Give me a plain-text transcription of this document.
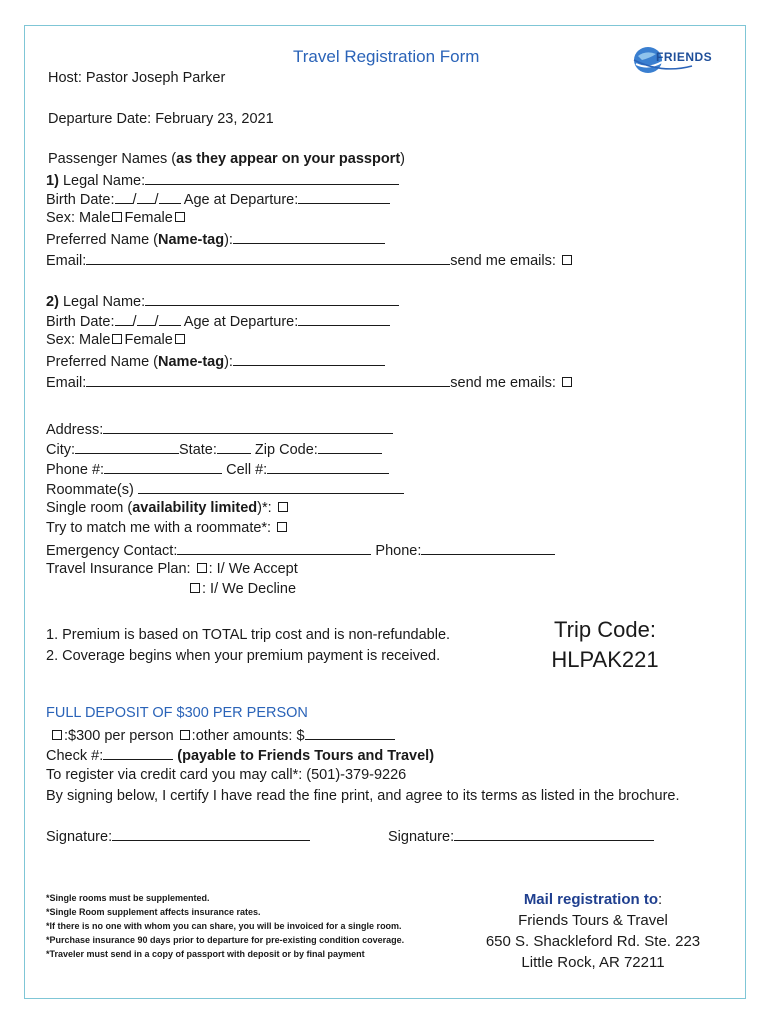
Travel Registration Form	FRIENDS
Host: Pastor Joseph Parker
Departure Date: February 23, 2021
Passenger Names (as they appear on your passport)
1) Legal Name:
Birth Date: / / Age at Departure:
Sex: Male Female
Preferred Name (Name-tag):
Email:	send me emails:
2) Legal Name:
Birth Date: / / Age at Departure:
Sex: Male Female
Preferred Name (Name-tag):
Email:	send me emails:
Address:
City:	State:	Zip Code:
Phone #:	Cell #:
Roommate(s)
Single room (availability limited)*:
Try to match me with a roommate*:
Emergency Contact:	Phone:
Travel Insurance Plan: : I/ We Accept
: I/ We Decline
1. Premium is based on TOTAL trip cost and is non-refundable.
2. Coverage begins when your premium payment is received.
Trip Code:
HLPAK221
FULL DEPOSIT OF $300 PER PERSON
:$300 per person :other amounts: $
Check #:	(payable to Friends Tours and Travel)
To register via credit card you may call*: (501)-379-9226
By signing below, I certify I have read the fine print, and agree to its terms as listed in the brochure.
Signature:	Signature:
*Single rooms must be supplemented.
*Single Room supplement affects insurance rates.
*If there is no one with whom you can share, you will be invoiced for a single room.
*Purchase insurance 90 days prior to departure for pre-existing condition coverage.
*Traveler must send in a copy of passport with deposit or by final payment
Mail registration to:
Friends Tours & Travel
650 S. Shackleford Rd. Ste. 223
Little Rock, AR 72211
